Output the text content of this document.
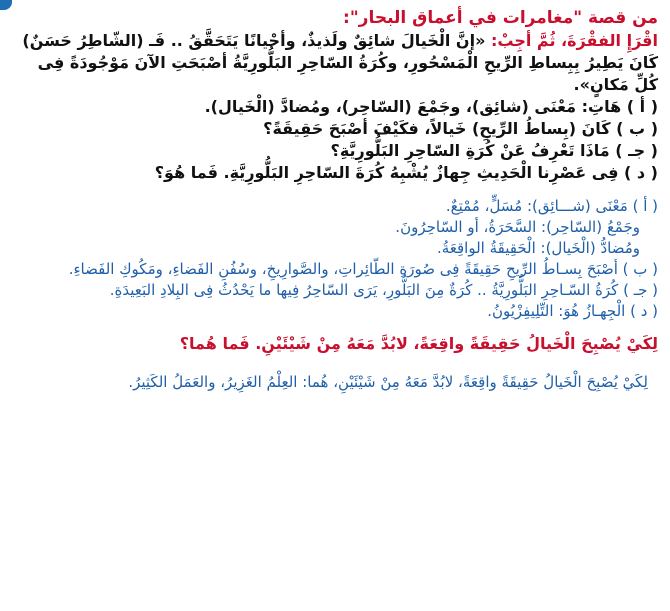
من قصة "مغامرات في أعماق البحار":

اقْرَإِ الفقْرَةَ، ثُمَّ أجِبْ: «إنَّ الْخَيالَ شائِقٌ ولَذيذٌ، وأحْيانًا يَتَحَقَّقُ .. فَـ (الشّاطِرُ حَسَنٌ) كَانَ يَطِيرُ بِبِساطِ الرِّيحِ الْمَسْحُورِ، وكُرَةُ السّاحِرِ البَلُّورِيَّةُ أصْبَحَتِ الآنَ مَوْجُودَةً فِى كُلِّ مَكانٍ».

( أ ) هَاتِ: مَعْنَى (شائِق)، وجَمْعَ (السّاحِر)، ومُضادَّ (الْخَيال).
( ب ) كَانَ (بِساطُ الرِّيحِ) خَيالاً، فكَيْفَ أصْبَحَ حَقِيقَةً؟
( جـ ) مَاذَا تَعْرِفُ عَنْ كُرَةِ السّاحِرِ البَلُّورِيَّةِ؟
( د ) فِى عَصْرِنا الْحَدِيثِ جِهازٌ يُشْبِهُ كُرَةَ السّاحِرِ البَلُّورِيَّةِ. فَما هُوَ؟

( أ ) مَعْنَى (شـــائِق): مُسَلٍّ، مُمْتِعٌ.

وجَمْعُ (السّاحِر): السَّحَرَةُ، أو السّاحِرُونَ.

ومُضادُّ (الْخَيال): الْحَقِيقَةُ الواقِعَةُ.

( ب ) أصْبَحَ بِسـاطُ الرِّيحِ حَقِيقَةً فِى صُورَةِ الطّائِراتِ، والصَّوارِيخِ، وسُفُنِ الفَضاءِ، ومَكُوكِ الفَضاءِ.

( جـ ) كُرَةُ السّـاحِرِ البَلُّورِيَّةُ .. كُرَةٌ مِنَ البَلُّورِ، يَرَى السّاحِرُ فِيها ما يَحْدُثُ فِى البِلادِ البَعِيدَةِ.

( د ) الْجِهـازُ هُوَ: التِّلِيفِزْيُونُ.

لِكَيْ يُصْبِحَ الْخَيالُ حَقِيقَةً واقِعَةً، لابُدَّ مَعَهُ مِنْ شَيْئَيْنِ. فَما هُما؟

لِكَيْ يُصْبِحَ الْخَيالُ حَقِيقَةً واقِعَةً، لابُدَّ مَعَهُ مِنْ شَيْئَيْنِ، هُما: العِلْمُ الغَزِيرُ، والعَمَلُ الكَثِيرُ.
